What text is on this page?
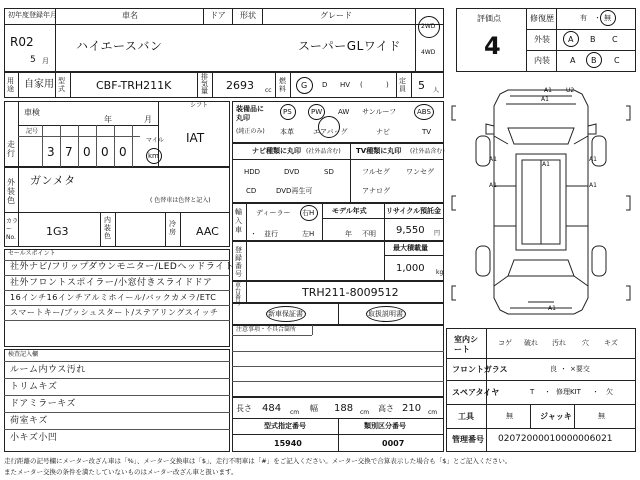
初年度登録年月	車名	ドア 形状	グレード
R02
5 月
ハイエースバン	スーパーGLワイド
2WD
4WD
評価点
4
修復歴	有 ・ 無
外装 A B C
内装	A B C
用途 自家用 型式	CBF-TRH211K
排気量 2693 cc
燃料 G D HV (	) 定員 5 人
車検
年	月
シフト
IAT
走行
記号
3 7 0 0 0
マイル
km
外装色
ガンメタ
( 色替車は色替と記入)
カラーNo.	1G3
内装色
冷房 AAC
セールスポイント
社外ナビ/フリップダウンモニター/LEDヘッドライト
社外フロントスポイラー/小窓付きスライドドア
16インチ16インチアルミホイール/バックカメラ/ETC
スマートキー/プッシュスタート/ステアリングスイッチ
検査記入欄
ルーム内ウス汚れ
トリムキズ
ドアミラーキズ
荷室キズ
小キズ小凹
装備品に丸印
(純正のみ)
PS	PW AW サンルーフ	ABS
本革	エアバッグ	ナビ	TV
ナビ種類に丸印 (社外品含む)
HDD	DVD	SD
CD	DVD再生可
TV種類に丸印 (社外品含む)
フルセグ ワンセグ
アナログ
輸入車
ディーラー
・ 並行
右H
左H
モデル年式
年 不明
リサイクル預託金
9,550 円
登録番号
最大積載量
1,000 kg
車台番号
TRH211-8009512
新車保証書	取扱説明書
注意事項・不具合箇所
長さ 484 cm 幅 188 cm 高さ 210 cm
型式指定番号
15940
類別区分番号
0007
A1 U2
A1
A1
A1
A1
A1
A1
A1
室内シート
コゲ 破れ 汚れ 穴 キズ
フロントガラス	良 ・ ×要交
スペアタイヤ	T ・ 修理KIT ・ 欠
工具	無	ジャッキ	無
管理番号 020720000100000060​21
走行距離の記号欄にメーター改ざん車は「%」、メーター交換車は「$」、走行不明車は「#」をご記入ください。メーター交換で合算表示した場合も「$」とご記入ください。
またメーター交換の条件を満たしていないものはメーター改ざん車と扱います。
